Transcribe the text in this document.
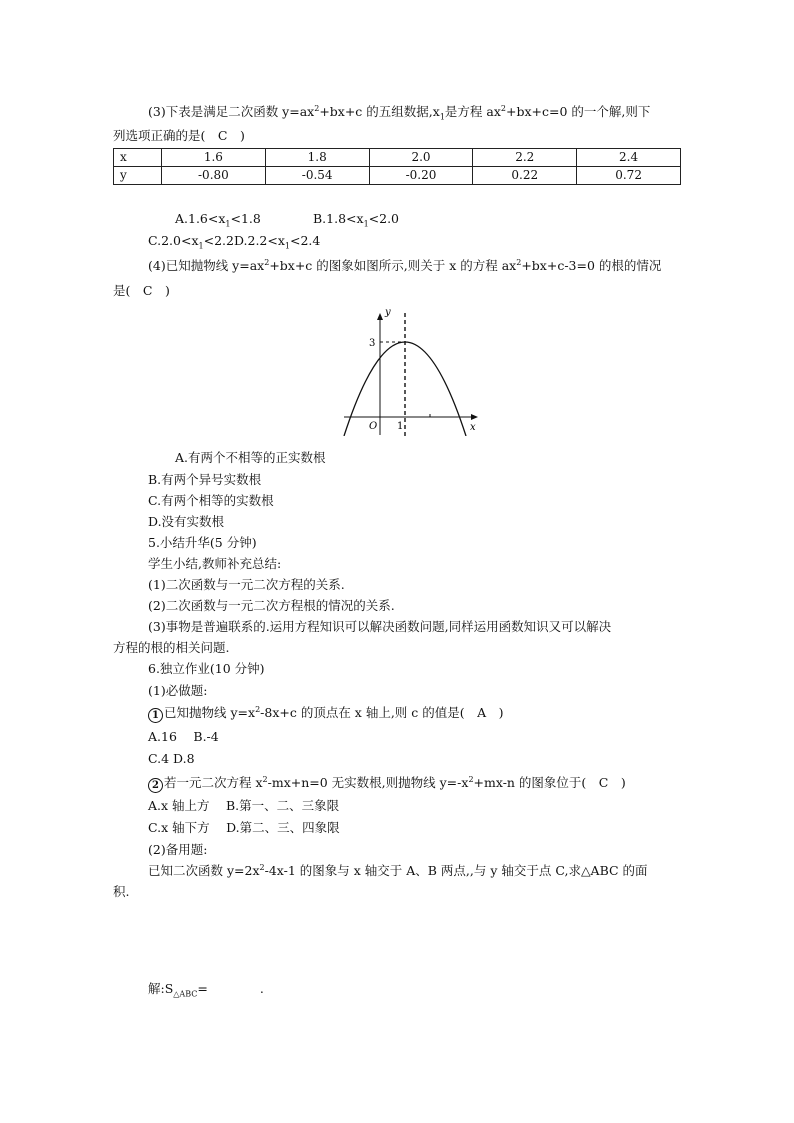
(3)下表是满足二次函数 $y=ax^2+bx+c$ 的五组数据$,x_1$是方程 $ax^2+bx+c=0$ 的一个解,则下
列选项正确的是(　C　)
x	1.6	1.8	2.0	2.2	2.4
y	-0.80	-0.54	-0.20	0.22	0.72
$A.1.6<x_1<1.8$	$B.1.8<x_1<2.0$
$C.2.0<x_1<2.2D.2.2<x_1<2.4$
(4)已知抛物线 $y=ax^2+bx+c$ 的图象如图所示,则关于 x 的方程 $ax^2+bx+c-3=0$ 的根的情况
是(　C　)
y
x
O
3
1
A.有两个不相等的正实数根
B.有两个异号实数根
C.有两个相等的实数根
D.没有实数根
5.小结升华(5 分钟)
学生小结,教师补充总结:
(1)二次函数与一元二次方程的关系.
(2)二次函数与一元二次方程根的情况的关系.
(3)事物是普遍联系的.运用方程知识可以解决函数问题,同样运用函数知识又可以解决
方程的根的相关问题.
6.独立作业(10 分钟)
(1)必做题:
1 已知抛物线 $y=x^2-8x+c$ 的顶点在 x 轴上,则 c 的值是(　A　)
A.16　 B.-4
C.4 D.8
2 若一元二次方程 $x^2-mx+n=0$ 无实数根,则抛物线 $y=-x^2+mx-n$ 的图象位于(　C　)
A.x 轴上方　 B.第一、二、三象限
C.x 轴下方　 D.第二、三、四象限
(2)备用题:
已知二次函数 $y=2x^2-4x-1$ 的图象与 x 轴交于 A、B 两点,,与 y 轴交于点 C,求△ABC 的面
积.
解$:S_{\triangle ABC}=$	.
